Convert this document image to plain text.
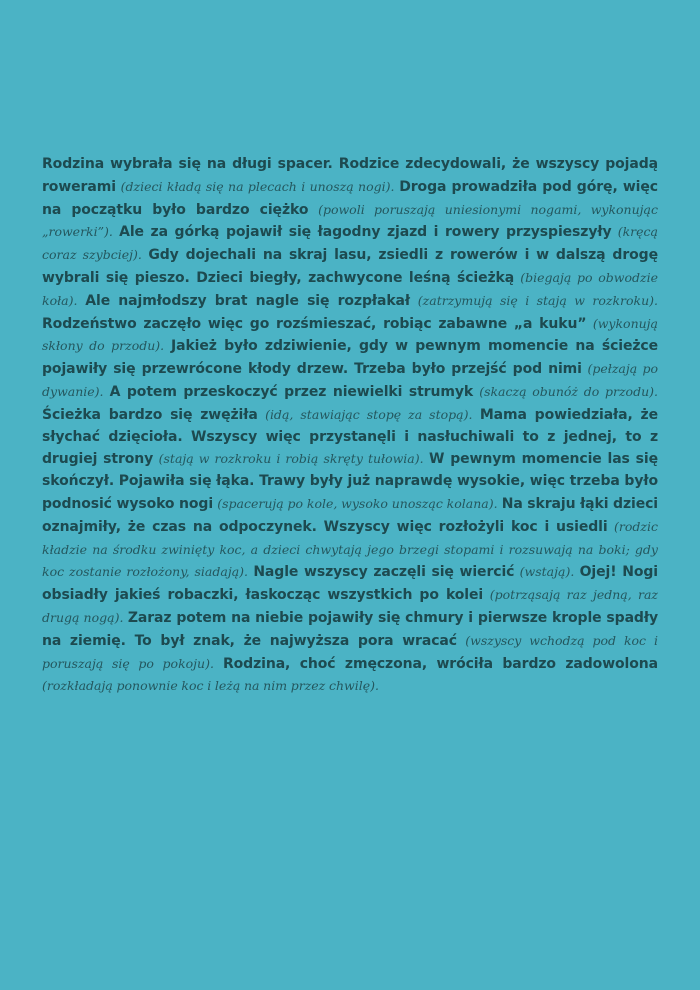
Rodzina wybrała się na długi spacer. Rodzice zdecydowali, że wszyscy pojadą rowerami (dzieci kładą się na plecach i unoszą nogi). Droga prowadziła pod górę, więc na początku było bardzo ciężko (powoli poruszają uniesionymi nogami, wykonując „rowerki”). Ale za górką pojawił się łagodny zjazd i rowery przyspieszyły (kręcą coraz szybciej). Gdy dojechali na skraj lasu, zsiedli z rowerów i w dalszą drogę wybrali się pieszo. Dzieci biegły, zachwycone leśną ścieżką (biegają po obwodzie koła). Ale najmłodszy brat nagle się rozpłakał (zatrzymują się i stają w rozkroku). Rodzeństwo zaczęło więc go rozśmieszać, robiąc zabawne „a kuku” (wykonują skłony do przodu). Jakież było zdziwienie, gdy w pewnym momencie na ścieżce pojawiły się przewrócone kłody drzew. Trzeba było przejść pod nimi (pełzają po dywanie). A potem przeskoczyć przez niewielki strumyk (skaczą obunóż do przodu). Ścieżka bardzo się zwężiła (idą, stawiając stopę za stopą). Mama powiedziała, że słychać dzięcioła. Wszyscy więc przystanęli i nasłuchiwali to z jednej, to z drugiej strony (stają w rozkroku i robią skręty tułowia). W pewnym momencie las się skończył. Pojawiła się łąka. Trawy były już naprawdę wysokie, więc trzeba było podnosić wysoko nogi (spacerują po kole, wysoko unosząc kolana). Na skraju łąki dzieci oznajmiły, że czas na odpoczynek. Wszyscy więc rozłożyli koc i usiedli (rodzic kładzie na środku zwinięty koc, a dzieci chwytają jego brzegi stopami i rozsuwają na boki; gdy koc zostanie rozłożony, siadają). Nagle wszyscy zaczęli się wiercić (wstają). Ojej! Nogi obsiadły jakieś robaczki, łaskocząc wszystkich po kolei (potrząsają raz jedną, raz drugą nogą). Zaraz potem na niebie pojawiły się chmury i pierwsze krople spadły na ziemię. To był znak, że najwyższa pora wracać (wszyscy wchodzą pod koc i poruszają się po pokoju). Rodzina, choć zmęczona, wróciła bardzo zadowolona (rozkładają ponownie koc i leżą na nim przez chwilę).
